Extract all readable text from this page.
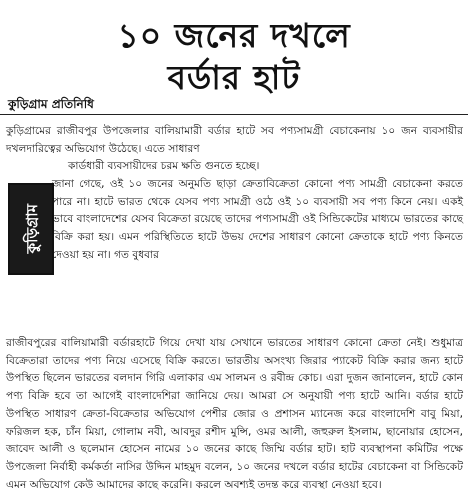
১০ জনের দখলে
বর্ডার হাট
কুড়িগ্রাম প্রতিনিধি

কুড়িগ্রামের রাজীবপুর উপজেলার বালিয়ামারী বর্ডার হাটে সব পণ্যসামগ্রী বেচাকেনায় ১০ জন ব্যবসায়ীর দখলদারিত্বের অভিযোগ উঠেছে। এতে সাধারণ

কার্ডধারী ব্যবসায়ীদের চরম ক্ষতি গুনতে হচ্ছে।

কুড়িগ্রাম

জানা গেছে, ওই ১০ জনের অনুমতি ছাড়া ক্রেতাবিক্রেতা কোনো পণ্য সামগ্রী বেচাকেনা করতে পারে না। হাটে ভারত থেকে যেসব পণ্য সামগ্রী ওঠে ওই ১০ ব্যবসায়ী সব পণ্য কিনে নেয়। একই ভাবে বাংলাদেশের যেসব বিক্রেতা রয়েছে তাদের পণ্যসামগ্রী ওই সিন্ডিকেটের মাধ্যমে ভারতের কাছে বিক্রি করা হয়। এমন পরিস্থিতিতে হাটে উভয় দেশের সাধারণ কোনো ক্রেতাকে হাটে পণ্য কিনতে দেওয়া হয় না। গত বুধবার

রাজীবপুরের বালিয়ামারী বর্ডারহাটে গিয়ে দেখা যায় সেখানে ভারতের সাধারণ কোনো ক্রেতা নেই। শুধুমাত্র বিক্রেতারা তাদের পণ্য নিয়ে এসেছে বিক্রি করতে। ভারতীয় অসংখ্য জিরার প্যাকেট বিক্রি করার জন্য হাটে উপস্থিত ছিলেন ভারতের বলদান গিরি এলাকার এম সালমন ও রবীন্দ্র কোচ। এরা দুজন জানালেন, হাটে কোন পণ্য বিক্রি হবে তা আগেই বাংলাদেশিরা জানিয়ে দেয়। আমরা সে অনুযায়ী পণ্য হাটে আনি। বর্ডার হাটে উপস্থিত সাধারণ ক্রেতা-বিক্রেতার অভিযোগ পেশীর জোর ও প্রশাসন ম্যানেজ করে বাংলাদেশি বাবু মিয়া, ফরিজল হক, চাঁন মিয়া, গোলাম নবী, আবদুর রশীদ মুন্সি, ওমর আলী, জহুরুল ইসলাম, ছানোয়ার হোসেন, জাবেদ আলী ও ছলেমান হোসেন নামের ১০ জনের কাছে জিম্মি বর্ডার হাট। হাট ব্যবস্থাপনা কমিটির পক্ষে উপজেলা নির্বাহী কর্মকর্তা নাসির উদ্দিন মাহমুদ বলেন, ১০ জনের দখলে বর্ডার হাটের বেচাকেনা বা সিন্ডিকেট এমন অভিযোগ কেউ আমাদের কাছে করেনি। করলে অবশ্যই তদন্ত করে ব্যবস্থা নেওয়া হবে।
